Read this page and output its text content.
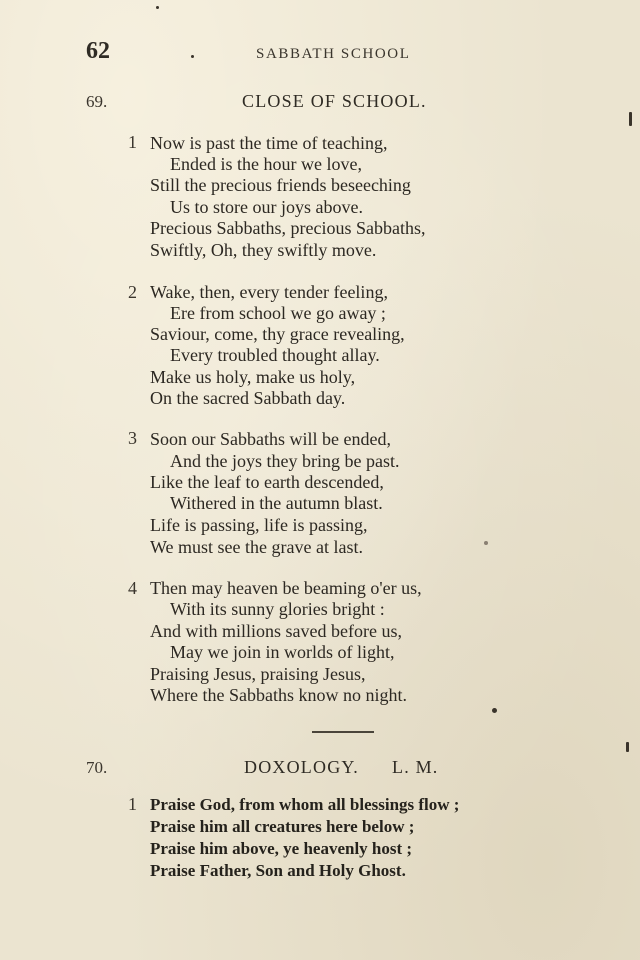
62	SABBATH SCHOOL
69.	CLOSE OF SCHOOL.
1 Now is past the time of teaching,
Ended is the hour we love,
Still the precious friends beseeching
Us to store our joys above.
Precious Sabbaths, precious Sabbaths,
Swiftly, Oh, they swiftly move.
2 Wake, then, every tender feeling,
Ere from school we go away ;
Saviour, come, thy grace revealing,
Every troubled thought allay.
Make us holy, make us holy,
On the sacred Sabbath day.
3 Soon our Sabbaths will be ended,
And the joys they bring be past.
Like the leaf to earth descended,
Withered in the autumn blast.
Life is passing, life is passing,
We must see the grave at last.
4 Then may heaven be beaming o'er us,
With its sunny glories bright :
And with millions saved before us,
May we join in worlds of light,
Praising Jesus, praising Jesus,
Where the Sabbaths know no night.
70.	DOXOLOGY. L. M.
1 Praise God, from whom all blessings flow ;
Praise him all creatures here below ;
Praise him above, ye heavenly host ;
Praise Father, Son and Holy Ghost.
